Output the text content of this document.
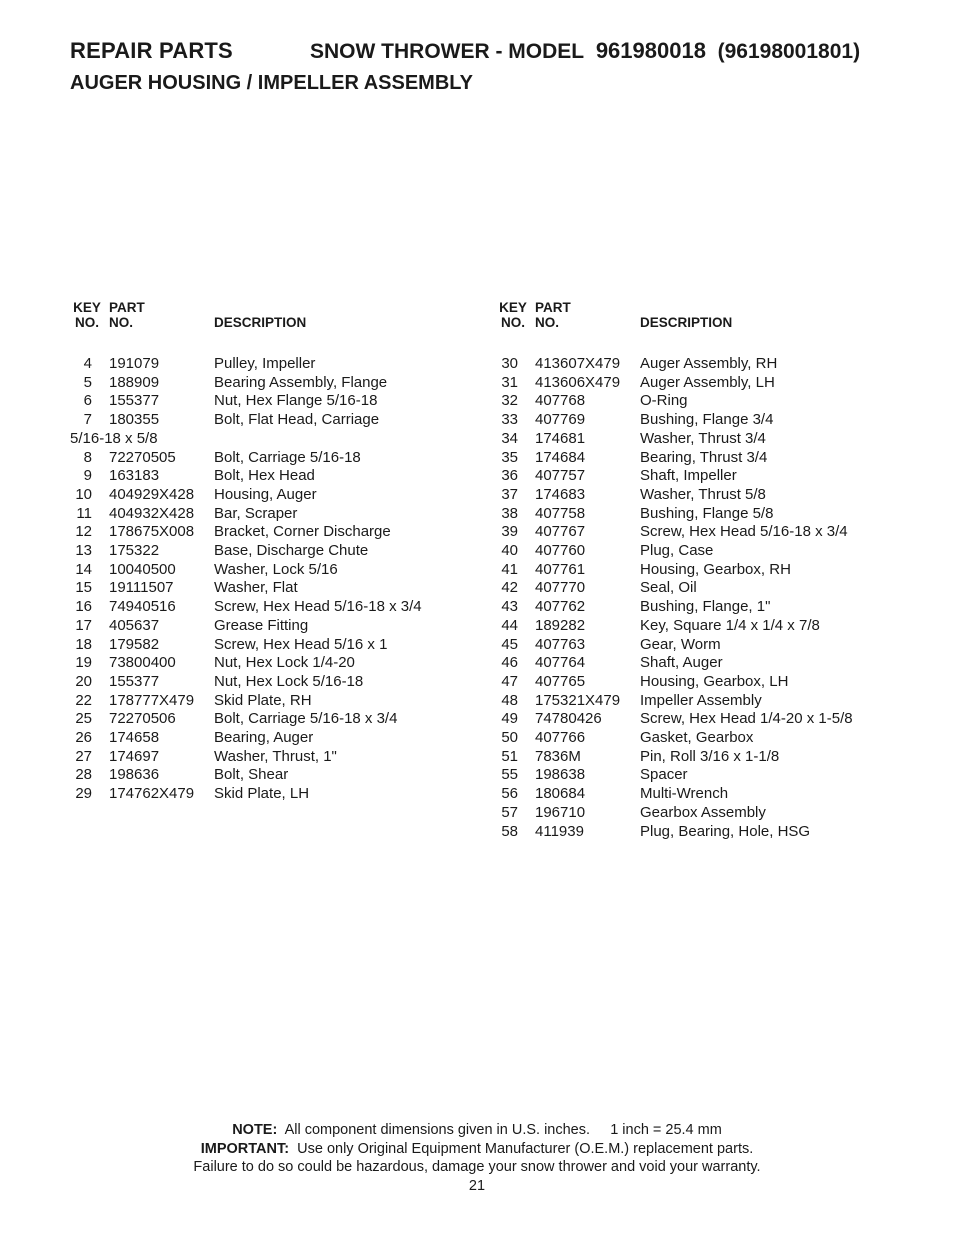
REPAIR PARTS	SNOW THROWER - MODEL 961980018 (96198001801)
AUGER HOUSING / IMPELLER ASSEMBLY
KEY
NO.
PART
NO.	DESCRIPTION
4 191079	Pulley, Impeller
5 188909	Bearing Assembly, Flange
6 155377	Nut, Hex Flange 5/16-18
7 180355	Bolt, Flat Head, Carriage
5/16-18 x 5/8
8 72270505	Bolt, Carriage 5/16-18
9 163183	Bolt, Hex Head
10 404929X428 Housing, Auger
11 404932X428 Bar, Scraper
12 178675X008 Bracket, Corner Discharge
13 175322	Base, Discharge Chute
14 10040500	Washer, Lock 5/16
15 19111507	Washer, Flat
16 74940516	Screw, Hex Head 5/16-18 x 3/4
17 405637	Grease Fitting
18 179582	Screw, Hex Head 5/16 x 1
19 73800400	Nut, Hex Lock 1/4-20
20 155377	Nut, Hex Lock 5/16-18
22 178777X479 Skid Plate, RH
25 72270506	Bolt, Carriage 5/16-18 x 3/4
26 174658	Bearing, Auger
27 174697	Washer, Thrust, 1"
28 198636	Bolt, Shear
29 174762X479 Skid Plate, LH
KEY
NO.
PART
NO.	DESCRIPTION
30 413607X479 Auger Assembly, RH
31 413606X479 Auger Assembly, LH
32 407768	O-Ring
33 407769	Bushing, Flange 3/4
34 174681	Washer, Thrust 3/4
35 174684	Bearing, Thrust 3/4
36 407757	Shaft, Impeller
37 174683	Washer, Thrust 5/8
38 407758	Bushing, Flange 5/8
39 407767	Screw, Hex Head 5/16-18 x 3/4
40 407760	Plug, Case
41 407761	Housing, Gearbox, RH
42 407770	Seal, Oil
43 407762	Bushing, Flange, 1"
44 189282	Key, Square 1/4 x 1/4 x 7/8
45 407763	Gear, Worm
46 407764	Shaft, Auger
47 407765	Housing, Gearbox, LH
48 175321X479 Impeller Assembly
49 74780426	Screw, Hex Head 1/4-20 x 1-5/8
50 407766	Gasket, Gearbox
51 7836M	Pin, Roll 3/16 x 1-1/8
55 198638	Spacer
56 180684	Multi-Wrench
57 196710	Gearbox Assembly
58 411939	Plug, Bearing, Hole, HSG
NOTE: All component dimensions given in U.S. inches. 1 inch = 25.4 mm
IMPORTANT: Use only Original Equipment Manufacturer (O.E.M.) replacement parts.
Failure to do so could be hazardous, damage your snow thrower and void your warranty.
21
